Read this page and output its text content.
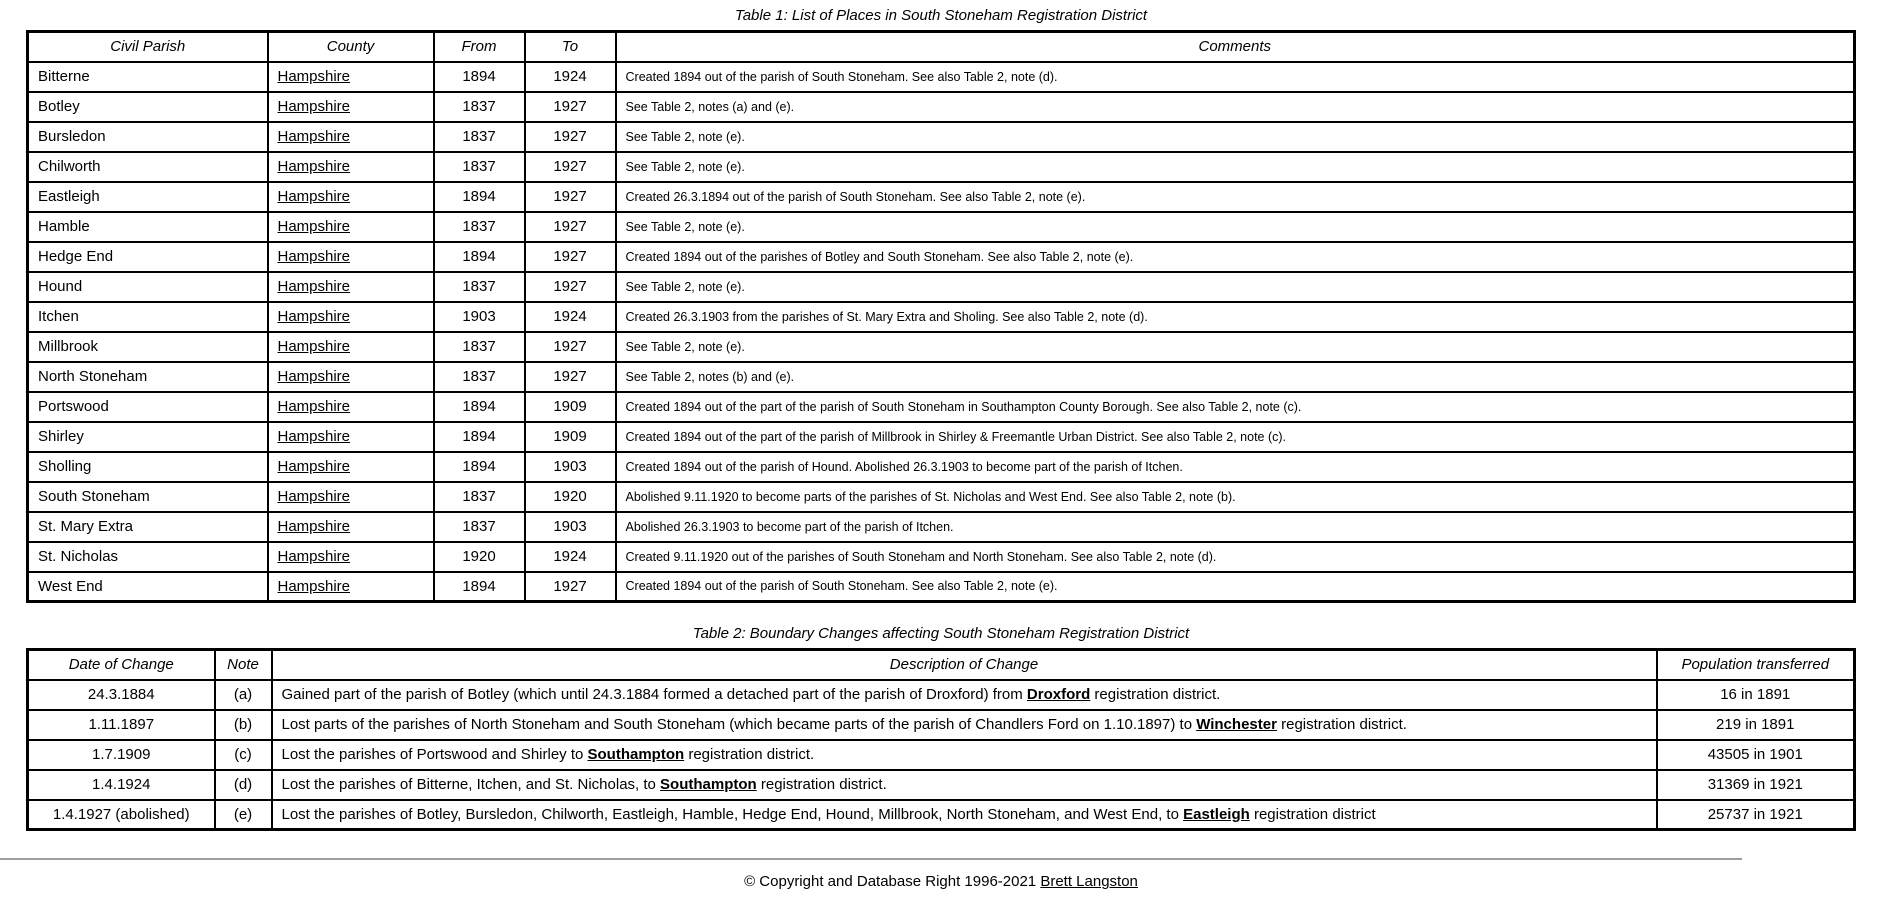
Table 1: List of Places in South Stoneham Registration District
Civil Parish	County	From	To	Comments
Bitterne	Hampshire	1894	1924	Created 1894 out of the parish of South Stoneham. See also Table 2, note (d).
Botley	Hampshire	1837	1927	See Table 2, notes (a) and (e).
Bursledon	Hampshire	1837	1927	See Table 2, note (e).
Chilworth	Hampshire	1837	1927	See Table 2, note (e).
Eastleigh	Hampshire	1894	1927	Created 26.3.1894 out of the parish of South Stoneham. See also Table 2, note (e).
Hamble	Hampshire	1837	1927	See Table 2, note (e).
Hedge End	Hampshire	1894	1927	Created 1894 out of the parishes of Botley and South Stoneham. See also Table 2, note (e).
Hound	Hampshire	1837	1927	See Table 2, note (e).
Itchen	Hampshire	1903	1924	Created 26.3.1903 from the parishes of St. Mary Extra and Sholing. See also Table 2, note (d).
Millbrook	Hampshire	1837	1927	See Table 2, note (e).
North Stoneham	Hampshire	1837	1927	See Table 2, notes (b) and (e).
Portswood	Hampshire	1894	1909	Created 1894 out of the part of the parish of South Stoneham in Southampton County Borough. See also Table 2, note (c).
Shirley	Hampshire	1894	1909	Created 1894 out of the part of the parish of Millbrook in Shirley & Freemantle Urban District. See also Table 2, note (c).
Sholling	Hampshire	1894	1903	Created 1894 out of the parish of Hound. Abolished 26.3.1903 to become part of the parish of Itchen.
South Stoneham	Hampshire	1837	1920	Abolished 9.11.1920 to become parts of the parishes of St. Nicholas and West End. See also Table 2, note (b).
St. Mary Extra	Hampshire	1837	1903	Abolished 26.3.1903 to become part of the parish of Itchen.
St. Nicholas	Hampshire	1920	1924	Created 9.11.1920 out of the parishes of South Stoneham and North Stoneham. See also Table 2, note (d).
West End	Hampshire	1894	1927	Created 1894 out of the parish of South Stoneham. See also Table 2, note (e).
Table 2: Boundary Changes affecting South Stoneham Registration District
Date of Change	Note	Description of Change	Population transferred
24.3.1884	(a)	Gained part of the parish of Botley (which until 24.3.1884 formed a detached part of the parish of Droxford) from Droxford registration district.	16 in 1891
1.11.1897	(b)	Lost parts of the parishes of North Stoneham and South Stoneham (which became parts of the parish of Chandlers Ford on 1.10.1897) to Winchester registration district.	219 in 1891
1.7.1909	(c)	Lost the parishes of Portswood and Shirley to Southampton registration district.	43505 in 1901
1.4.1924	(d)	Lost the parishes of Bitterne, Itchen, and St. Nicholas, to Southampton registration district.	31369 in 1921
1.4.1927 (abolished)	(e)	Lost the parishes of Botley, Bursledon, Chilworth, Eastleigh, Hamble, Hedge End, Hound, Millbrook, North Stoneham, and West End, to Eastleigh registration district	25737 in 1921
© Copyright and Database Right 1996-2021 Brett Langston
